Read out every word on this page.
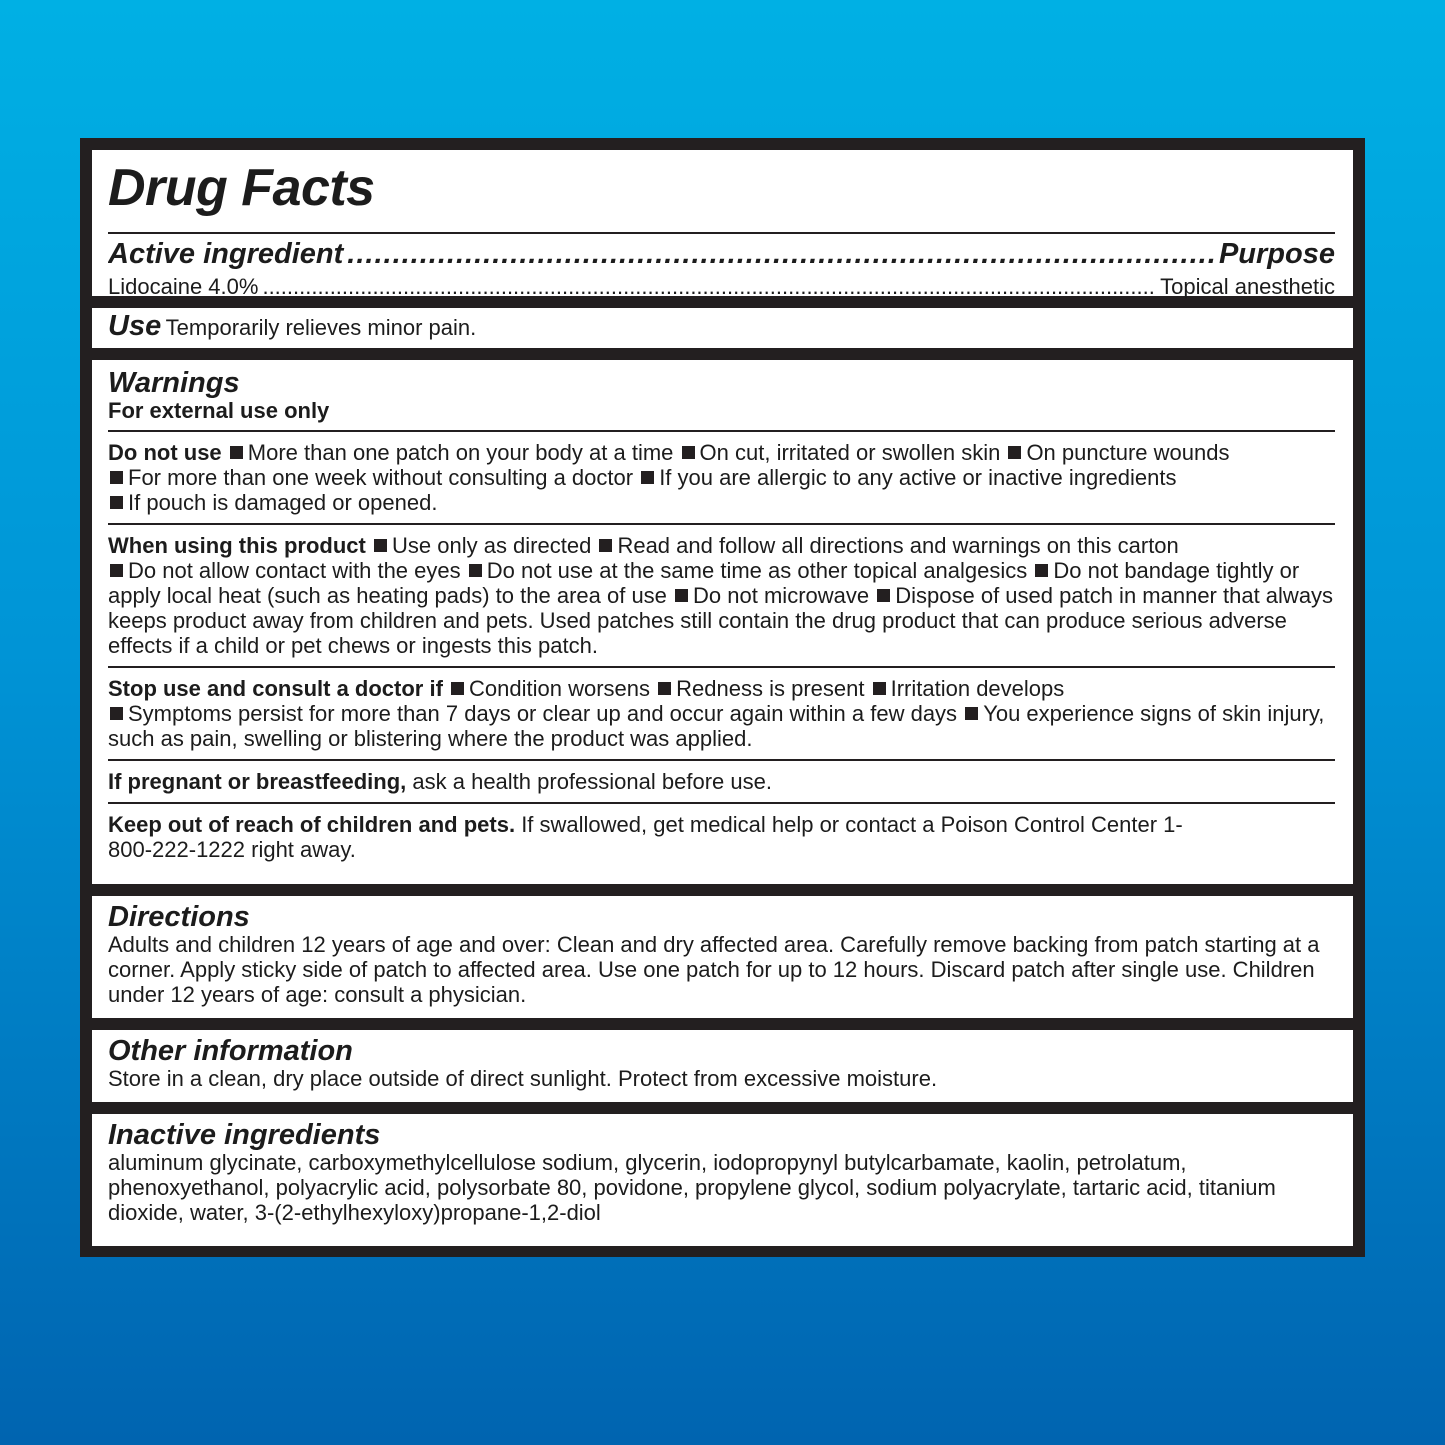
Drug Facts
Active ingredient .....	Purpose
Lidocaine 4.0% .....	Topical anesthetic
Use Temporarily relieves minor pain.
Warnings
For external use only
Do not use More than one patch on your body at a time On cut, irritated or swollen skin On puncture wounds
For more than one week without consulting a doctor If you are allergic to any active or inactive ingredients
If pouch is damaged or opened.
When using this product Use only as directed Read and follow all directions and warnings on this carton
Do not allow contact with the eyes Do not use at the same time as other topical analgesics Do not bandage tightly or apply local heat (such as heating pads) to the area of use Do not microwave Dispose of used patch in manner that always keeps product away from children and pets. Used patches still contain the drug product that can produce serious adverse effects if a child or pet chews or ingests this patch.
Stop use and consult a doctor if Condition worsens Redness is present Irritation develops
Symptoms persist for more than 7 days or clear up and occur again within a few days You experience signs of skin injury, such as pain, swelling or blistering where the product was applied.
If pregnant or breastfeeding, ask a health professional before use.
Keep out of reach of children and pets. If swallowed, get medical help or contact a Poison Control Center 1-800-222-1222 right away.
Directions
Adults and children 12 years of age and over: Clean and dry affected area. Carefully remove backing from patch starting at a corner. Apply sticky side of patch to affected area. Use one patch for up to 12 hours. Discard patch after single use. Children under 12 years of age: consult a physician.
Other information
Store in a clean, dry place outside of direct sunlight. Protect from excessive moisture.
Inactive ingredients
aluminum glycinate, carboxymethylcellulose sodium, glycerin, iodopropynyl butylcarbamate, kaolin, petrolatum, phenoxyethanol, polyacrylic acid, polysorbate 80, povidone, propylene glycol, sodium polyacrylate, tartaric acid, titanium dioxide, water, 3-(2-ethylhexyloxy)propane-1,2-diol
